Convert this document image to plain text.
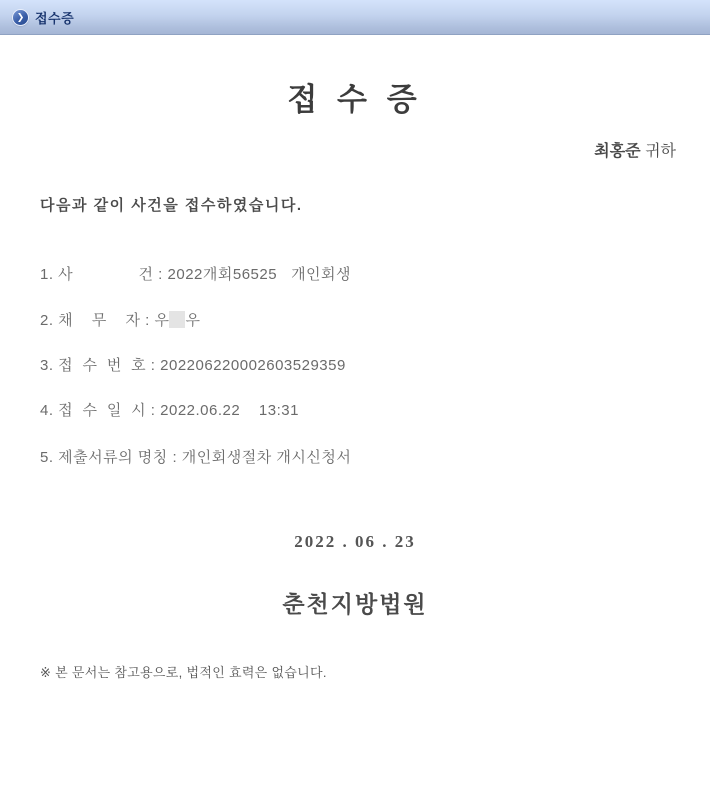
❯ 접수증
접 수 증
최홍준 귀하
다음과 같이 사건을 접수하였습니다.
1. 사              건 : 2022개회56525   개인회생
2. 채    무    자 : 우 우
3. 접  수  번  호 : 202206220002603529359
4. 접  수  일  시 : 2022.06.22    13:31
5. 제출서류의 명칭 : 개인회생절차 개시신청서
2022 . 06 . 23
춘천지방법원
※ 본 문서는 참고용으로, 법적인 효력은 없습니다.
